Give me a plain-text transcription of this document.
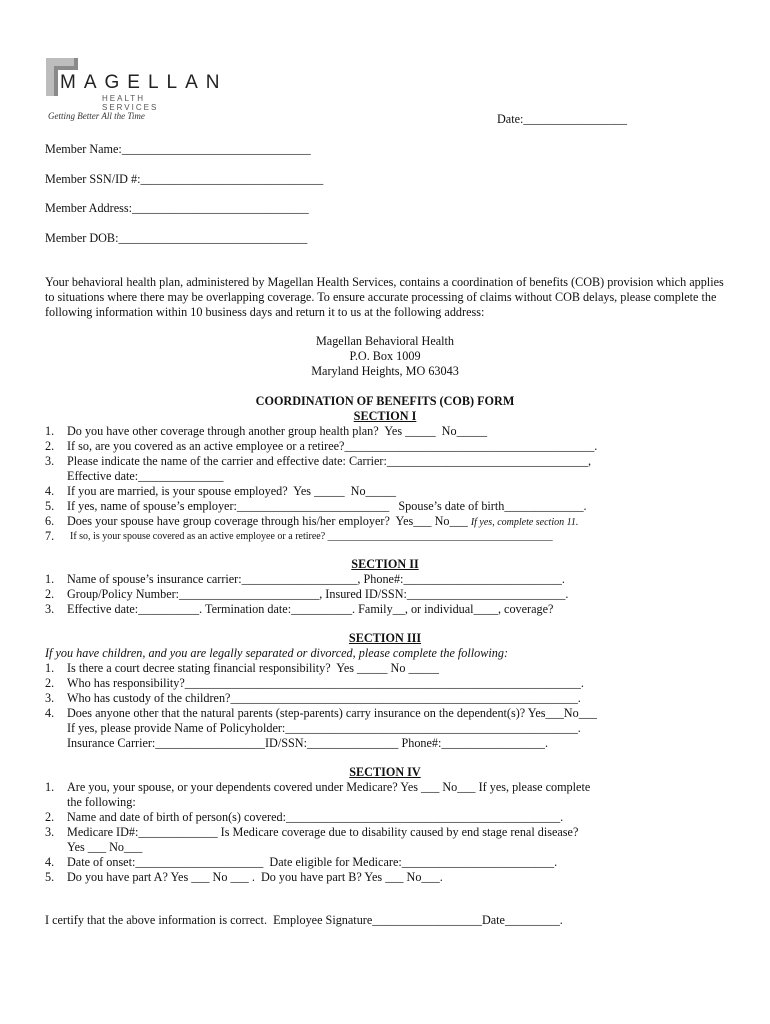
MAGELLAN
HEALTH SERVICES
Getting Better All the Time	Date:_________________
Member Name:_______________________________
Member SSN/ID #:______________________________
Member Address:_____________________________
Member DOB:_______________________________
Your behavioral health plan, administered by Magellan Health Services, contains a coordination of benefits (COB) provision which applies to situations where there may be overlapping coverage. To ensure accurate processing of claims without COB delays, please complete the following information within 10 business days and return it to us at the following address:
Magellan Behavioral Health
P.O. Box 1009
Maryland Heights, MO 63043
COORDINATION OF BENEFITS (COB) FORM
SECTION I
1. Do you have other coverage through another group health plan?  Yes _____  No_____
2. If so, are you covered as an active employee or a retiree?_________________________________________.
3. Please indicate the name of the carrier and effective date: Carrier:_________________________________,
Effective date:______________
4. If you are married, is your spouse employed?  Yes _____  No_____
5. If yes, name of spouse’s employer:_________________________   Spouse’s date of birth_____________.
6. Does your spouse have group coverage through his/her employer?  Yes___ No___ If yes, complete section 11.
7. If so, is your spouse covered as an active employee or a retiree? _____________________________________________
SECTION II
1. Name of spouse’s insurance carrier:___________________, Phone#:__________________________.
2. Group/Policy Number:_______________________, Insured ID/SSN:__________________________.
3. Effective date:__________. Termination date:__________. Family__, or individual____, coverage?
SECTION III
If you have children, and you are legally separated or divorced, please complete the following:
1. Is there a court decree stating financial responsibility?  Yes _____ No _____
2. Who has responsibility?_________________________________________________________________.
3. Who has custody of the children?_________________________________________________________.
4. Does anyone other that the natural parents (step-parents) carry insurance on the dependent(s)? Yes___No___
If yes, please provide Name of Policyholder:________________________________________________.
Insurance Carrier:__________________ID/SSN:_______________ Phone#:_________________.
SECTION IV
1. Are you, your spouse, or your dependents covered under Medicare? Yes ___ No___ If yes, please complete
the following:
2. Name and date of birth of person(s) covered:_____________________________________________.
3. Medicare ID#:_____________ Is Medicare coverage due to disability caused by end stage renal disease?
Yes ___ No___
4. Date of onset:_____________________  Date eligible for Medicare:_________________________.
5. Do you have part A? Yes ___ No ___ .  Do you have part B? Yes ___ No___.
I certify that the above information is correct.  Employee Signature__________________Date_________.
